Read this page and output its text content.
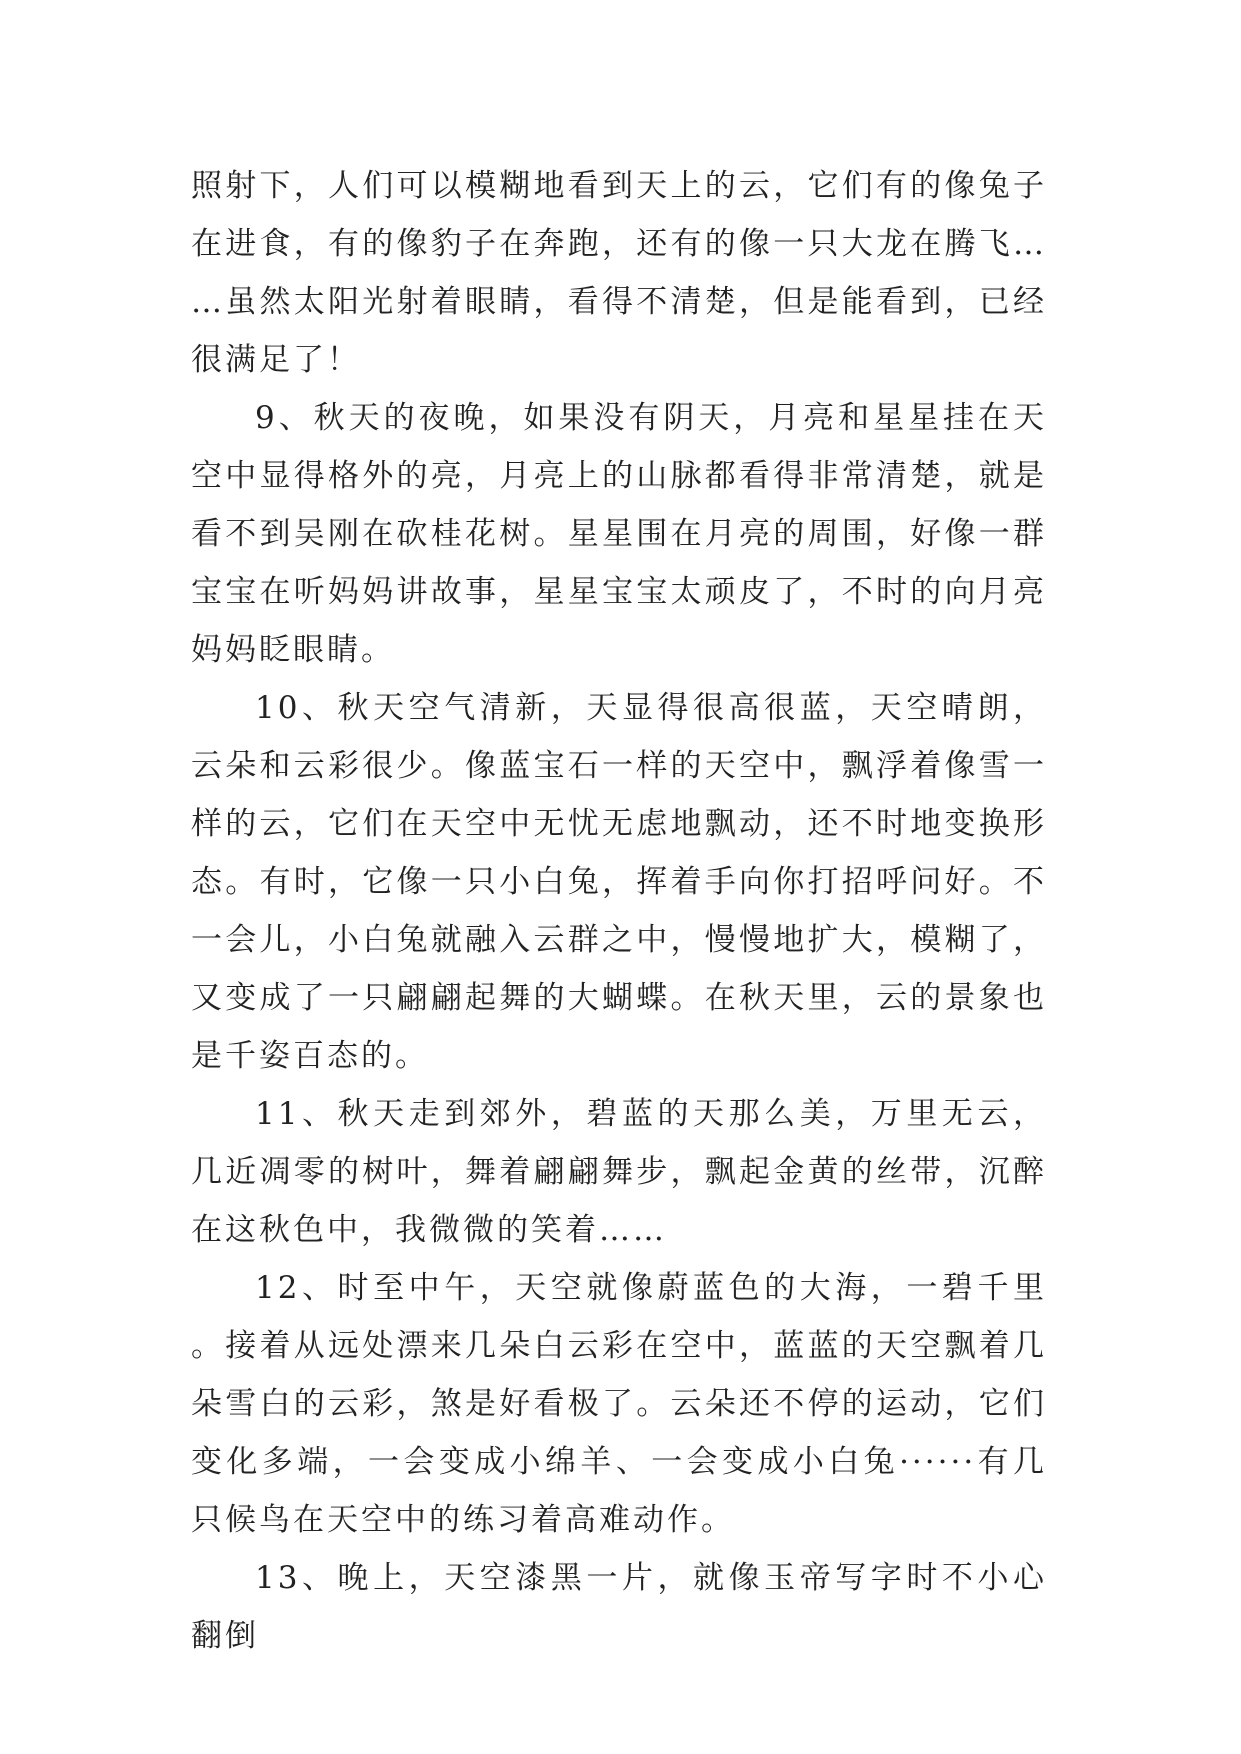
照射下，人们可以模糊地看到天上的云，它们有的像兔子在进食，有的像豹子在奔跑，还有的像一只大龙在腾飞……虽然太阳光射着眼睛，看得不清楚，但是能看到，已经很满足了！

9、秋天的夜晚，如果没有阴天，月亮和星星挂在天空中显得格外的亮，月亮上的山脉都看得非常清楚，就是看不到吴刚在砍桂花树。星星围在月亮的周围，好像一群宝宝在听妈妈讲故事，星星宝宝太顽皮了，不时的向月亮妈妈眨眼睛。

10、秋天空气清新，天显得很高很蓝，天空晴朗，云朵和云彩很少。像蓝宝石一样的天空中，飘浮着像雪一样的云，它们在天空中无忧无虑地飘动，还不时地变换形态。有时，它像一只小白兔，挥着手向你打招呼问好。不一会儿，小白兔就融入云群之中，慢慢地扩大，模糊了，又变成了一只翩翩起舞的大蝴蝶。在秋天里，云的景象也是千姿百态的。

11、秋天走到郊外，碧蓝的天那么美，万里无云，几近凋零的树叶，舞着翩翩舞步，飘起金黄的丝带，沉醉在这秋色中，我微微的笑着……

12、时至中午，天空就像蔚蓝色的大海，一碧千里。接着从远处漂来几朵白云彩在空中，蓝蓝的天空飘着几朵雪白的云彩，煞是好看极了。云朵还不停的运动，它们变化多端，一会变成小绵羊、一会变成小白兔······有几只候鸟在天空中的练习着高难动作。

13、晚上，天空漆黑一片，就像玉帝写字时不小心翻倒
